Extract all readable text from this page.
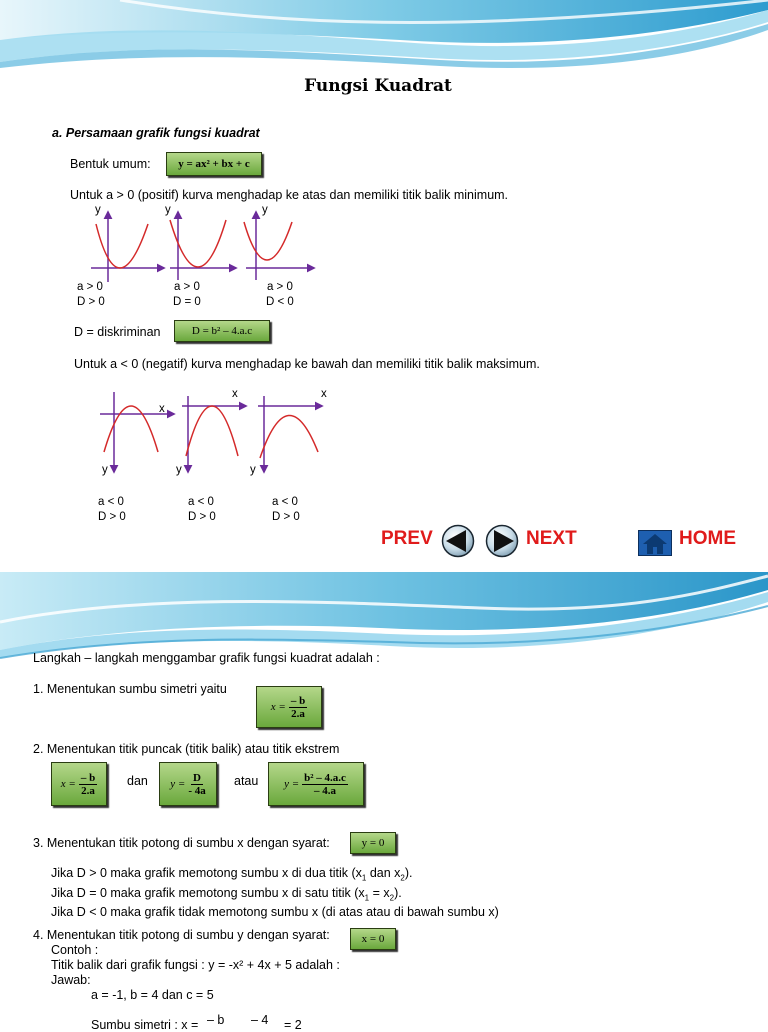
Fungsi Kuadrat
a. Persamaan grafik fungsi kuadrat
Bentuk umum:	y = ax² + bx + c
Untuk a > 0 (positif) kurva menghadap ke atas dan memiliki titik balik minimum.
y	y	y
a > 0
D > 0
a > 0
D = 0
a > 0
D < 0
D = diskriminan	D = b² – 4.a.c
Untuk a < 0 (negatif) kurva menghadap ke bawah dan memiliki titik balik maksimum.
x
x	x
y	y	y
a < 0
D > 0
a < 0
D > 0
a < 0
D > 0
PREV	NEXT	HOME
Langkah – langkah menggambar grafik fungsi kuadrat adalah :
1. Menentukan sumbu simetri yaitu
$x = \frac{- b}{2.a}$
2. Menentukan titik puncak (titik balik) atau titik ekstrem
$x = \frac{- b}{2.a}$ dan $y = \frac{D}{- 4a}$ atau $y = \frac{\text{b² – 4.a.c}}{- 4.a}$
3. Menentukan titik potong di sumbu x dengan syarat:	y = 0
Jika D > 0 maka grafik memotong sumbu x di dua titik ($x_1$ dan $x_2$).
Jika D = 0 maka grafik memotong sumbu x di satu titik $(x_1 = x_2)$.
Jika D < 0 maka grafik tidak memotong sumbu x (di atas atau di bawah sumbu x)
4. Menentukan titik potong di sumbu y dengan syarat:	x = 0
Contoh :
Titik balik dari grafik fungsi : y = -x² + 4x + 5 adalah :
Jawab:
a = -1, b = 4 dan c = 5
Sumbu simetri : x = – b – 4 = 2
